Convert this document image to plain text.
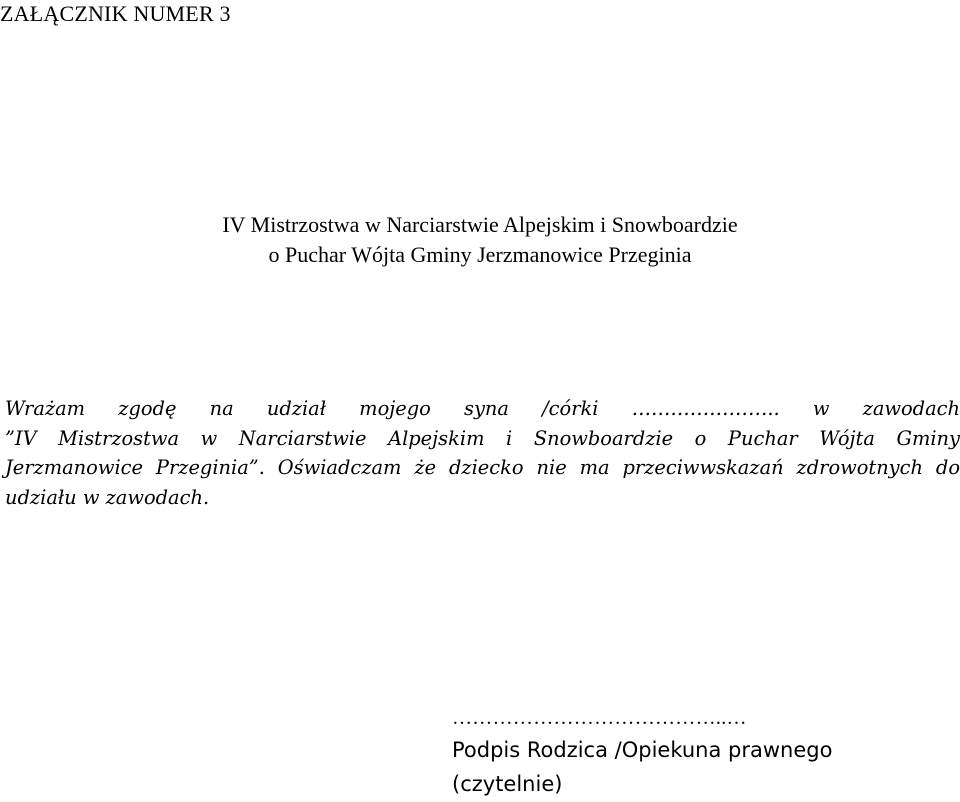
ZAŁĄCZNIK NUMER 3
IV Mistrzostwa w Narciarstwie Alpejskim i Snowboardzie
o Puchar Wójta Gminy Jerzmanowice Przeginia
Wrażam zgodę na udział mojego syna /córki ………………….. w zawodach
”IV Mistrzostwa w Narciarstwie Alpejskim i Snowboardzie o Puchar Wójta Gminy
Jerzmanowice Przeginia”. Oświadczam że dziecko nie ma przeciwwskazań zdrowotnych do
udziału w zawodach.
…………………………………..…
Podpis Rodzica /Opiekuna prawnego
(czytelnie)
